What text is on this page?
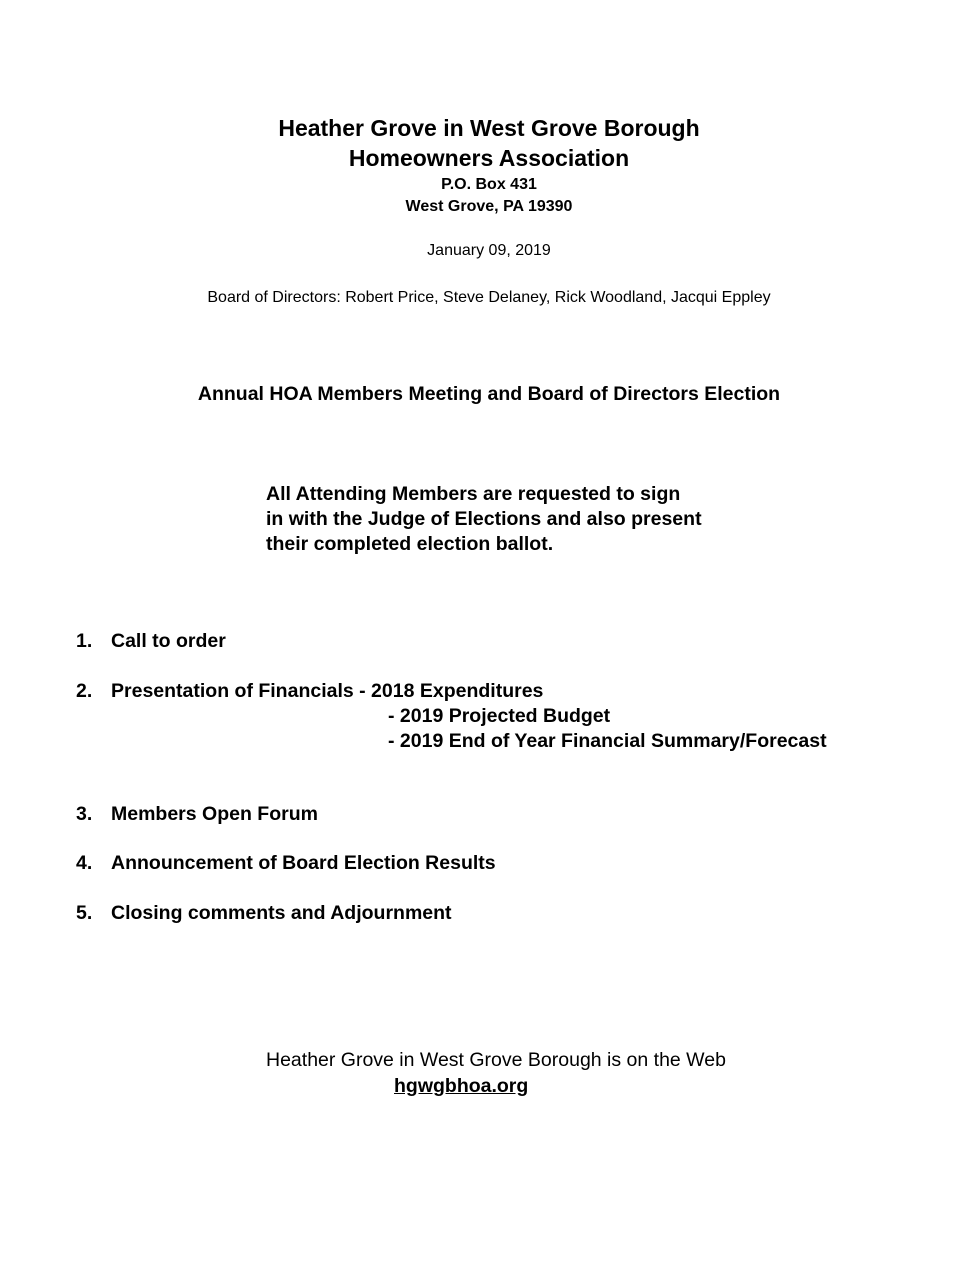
Heather Grove in West Grove Borough
Homeowners Association
P.O. Box 431
West Grove, PA 19390
January 09, 2019
Board of Directors: Robert Price, Steve Delaney, Rick Woodland, Jacqui Eppley
Annual HOA Members Meeting and Board of Directors Election
All Attending Members are requested to sign
in with the Judge of Elections and also present
their completed election ballot.
1. Call to order
2. Presentation of Financials - 2018 Expenditures
- 2019 Projected Budget
- 2019 End of Year Financial Summary/Forecast
3. Members Open Forum
4. Announcement of Board Election Results
5. Closing comments and Adjournment
Heather Grove in West Grove Borough is on the Web
hgwgbhoa.org
